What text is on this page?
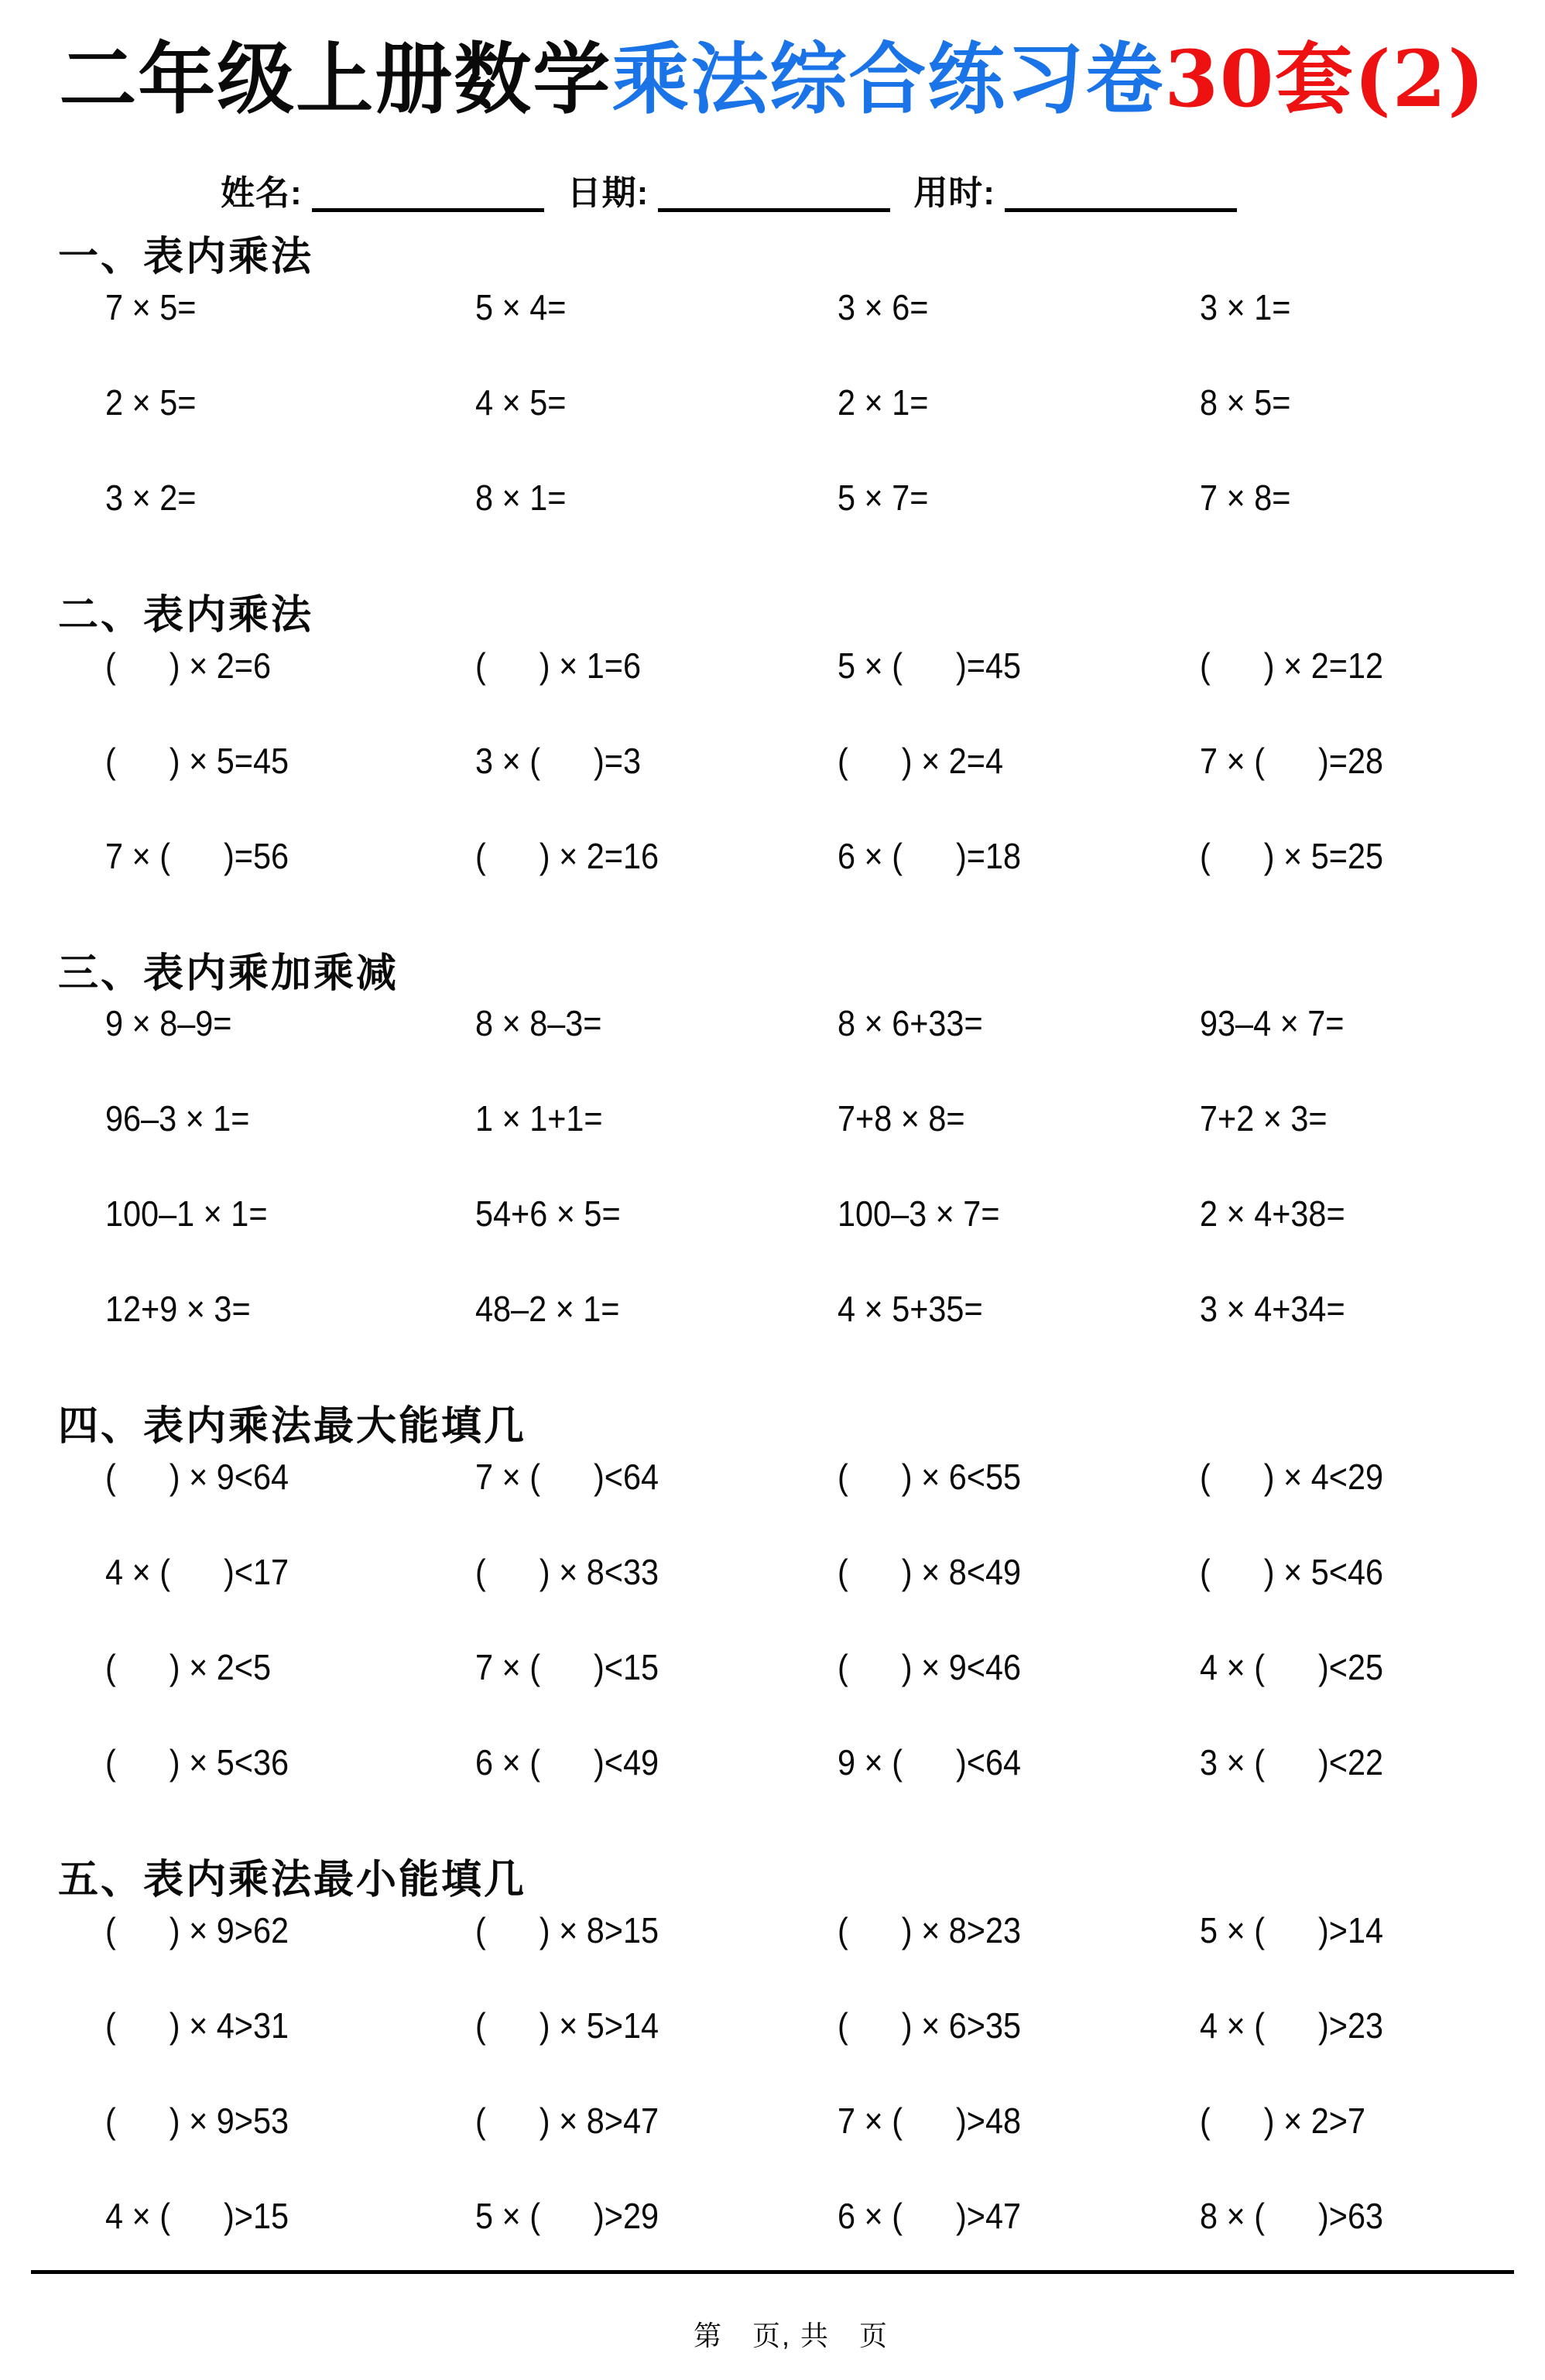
二年级上册数学乘法综合练习卷30套(2)
姓名:	日期:	用时:
一、表内乘法
7 × 5=	5 × 4=	3 × 6=	3 × 1=
2 × 5=	4 × 5=	2 × 1=	8 × 5=
3 × 2=	8 × 1=	5 × 7=	7 × 8=
二、表内乘法
(      ) × 2=6	(      ) × 1=6	5 × (      )=45	(      ) × 2=12
(      ) × 5=45	3 × (      )=3	(      ) × 2=4	7 × (      )=28
7 × (      )=56	(      ) × 2=16	6 × (      )=18	(      ) × 5=25
三、表内乘加乘减
9 × 8–9=	8 × 8–3=	8 × 6+33=	93–4 × 7=
96–3 × 1=	1 × 1+1=	7+8 × 8=	7+2 × 3=
100–1 × 1=	54+6 × 5=	100–3 × 7=	2 × 4+38=
12+9 × 3=	48–2 × 1=	4 × 5+35=	3 × 4+34=
四、表内乘法最大能填几
(      ) × 9<64	7 × (      )<64	(      ) × 6<55	(      ) × 4<29
4 × (      )<17	(      ) × 8<33	(      ) × 8<49	(      ) × 5<46
(      ) × 2<5	7 × (      )<15	(      ) × 9<46	4 × (      )<25
(      ) × 5<36	6 × (      )<49	9 × (      )<64	3 × (      )<22
五、表内乘法最小能填几
(      ) × 9>62	(      ) × 8>15	(      ) × 8>23	5 × (      )>14
(      ) × 4>31	(      ) × 5>14	(      ) × 6>35	4 × (      )>23
(      ) × 9>53	(      ) × 8>47	7 × (      )>48	(      ) × 2>7
4 × (      )>15	5 × (      )>29	6 × (      )>47	8 × (      )>63

第　页, 共　页
